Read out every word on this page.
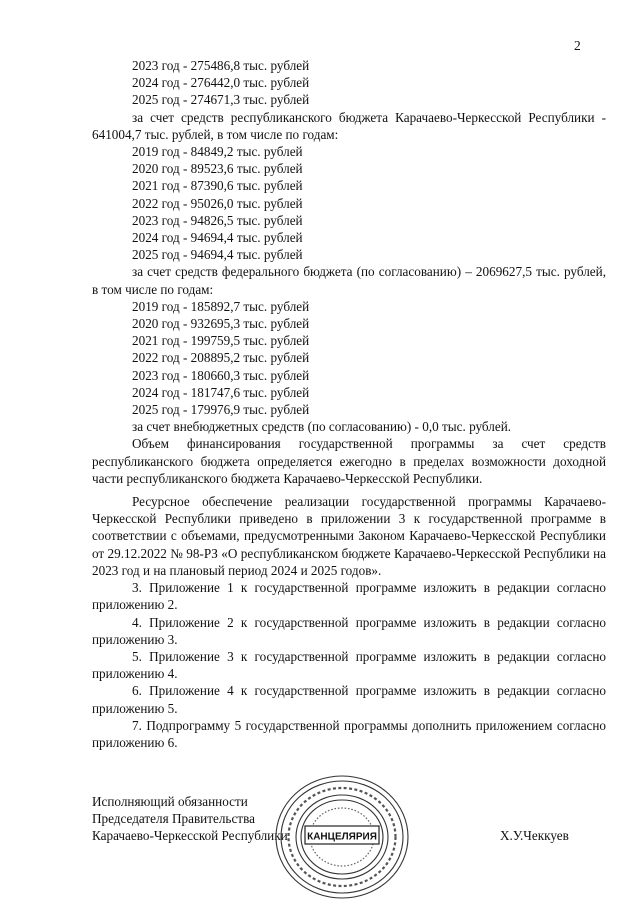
2
2023 год - 275486,8 тыс. рублей
2024 год - 276442,0 тыс. рублей
2025 год - 274671,3 тыс. рублей
за счет средств республиканского бюджета Карачаево-Черкесской Республики - 641004,7 тыс. рублей, в том числе по годам:
2019 год - 84849,2 тыс. рублей
2020 год - 89523,6 тыс. рублей
2021 год - 87390,6 тыс. рублей
2022 год - 95026,0 тыс. рублей
2023 год - 94826,5 тыс. рублей
2024 год - 94694,4 тыс. рублей
2025 год - 94694,4 тыс. рублей
за счет средств федерального бюджета (по согласованию) – 2069627,5 тыс. рублей, в том числе по годам:
2019 год - 185892,7 тыс. рублей
2020 год - 932695,3 тыс. рублей
2021 год - 199759,5 тыс. рублей
2022 год - 208895,2 тыс. рублей
2023 год - 180660,3 тыс. рублей
2024 год - 181747,6 тыс. рублей
2025 год - 179976,9 тыс. рублей
за счет внебюджетных средств (по согласованию) - 0,0 тыс. рублей.
Объем финансирования государственной программы за счет средств республиканского бюджета определяется ежегодно в пределах возможности доходной части республиканского бюджета Карачаево-Черкесской Республики.
Ресурсное обеспечение реализации государственной программы Карачаево-Черкесской Республики приведено в приложении 3 к государственной программе в соответствии с объемами, предусмотренными Законом Карачаево-Черкесской Республики от 29.12.2022 № 98-РЗ «О республиканском бюджете Карачаево-Черкесской Республики на 2023 год и на плановый период 2024 и 2025 годов».
3. Приложение 1 к государственной программе изложить в редакции согласно приложению 2.
4. Приложение 2 к государственной программе изложить в редакции согласно приложению 3.
5. Приложение 3 к государственной программе изложить в редакции согласно приложению 4.
6. Приложение 4 к государственной программе изложить в редакции согласно приложению 5.
7. Подпрограмму 5 государственной программы дополнить приложением согласно приложению 6.
Исполняющий обязанности
Председателя Правительства
Карачаево-Черкесской Республики	Х.У.Чеккуев
КАНЦЕЛЯРИЯ
